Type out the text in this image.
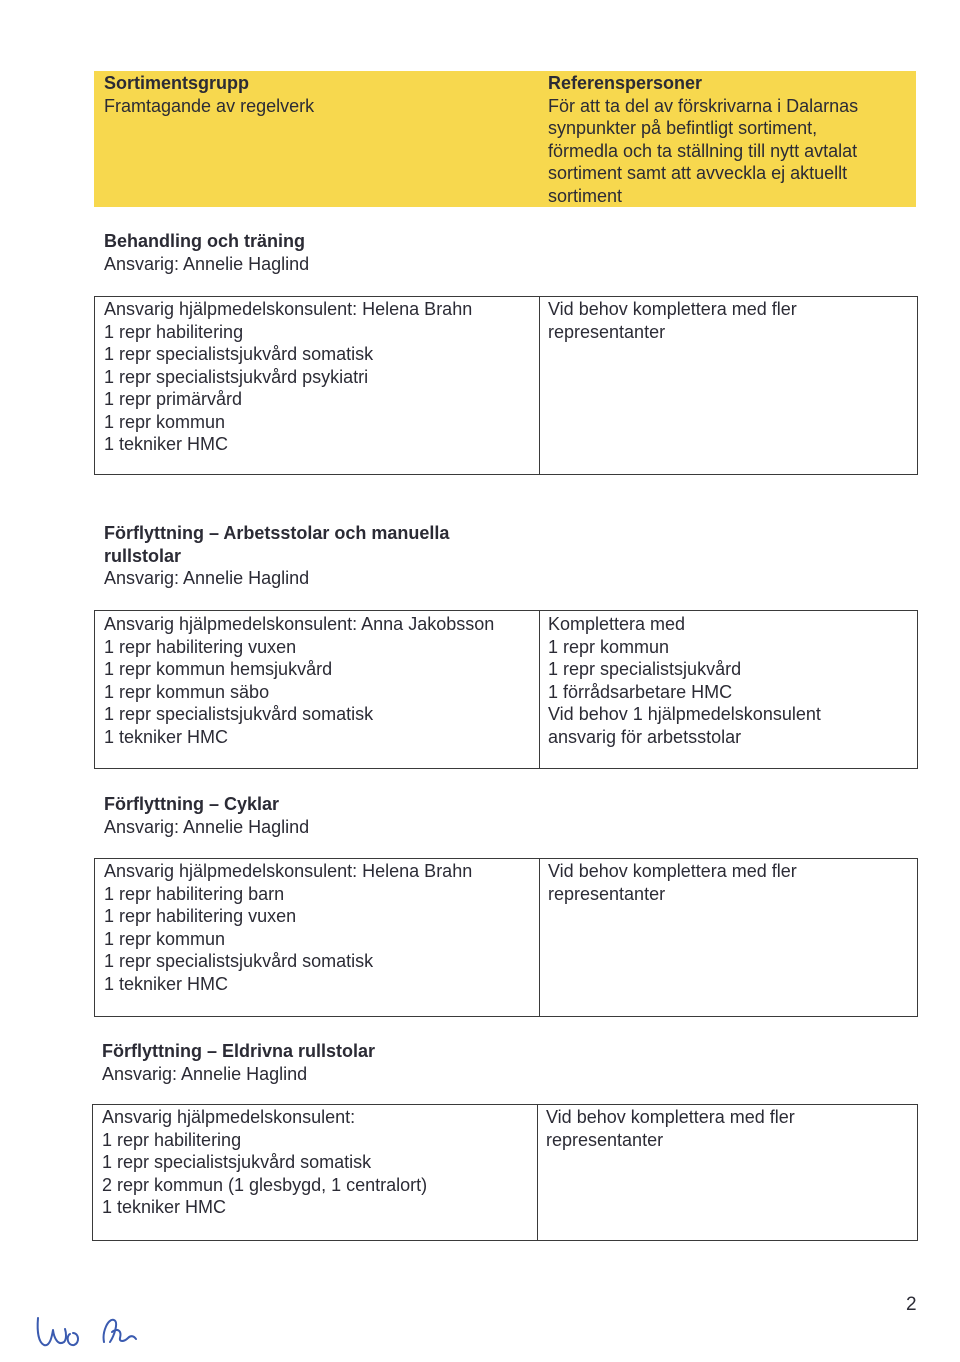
Sortimentsgrupp
Framtagande av regelverk
Referenspersoner
För att ta del av förskrivarna i Dalarnas
synpunkter på befintligt sortiment,
förmedla och ta ställning till nytt avtalat
sortiment samt att avveckla ej aktuellt
sortiment
Behandling och träning
Ansvarig: Annelie Haglind
Ansvarig hjälpmedelskonsulent: Helena Brahn
1 repr habilitering
1 repr specialistsjukvård somatisk
1 repr specialistsjukvård psykiatri
1 repr primärvård
1 repr kommun
1 tekniker HMC
Vid behov komplettera med fler
representanter
Förflyttning – Arbetsstolar och manuella
rullstolar
Ansvarig: Annelie Haglind
Ansvarig hjälpmedelskonsulent: Anna Jakobsson
1 repr habilitering vuxen
1 repr kommun hemsjukvård
1 repr kommun säbo
1 repr specialistsjukvård somatisk
1 tekniker HMC
Komplettera med
1 repr kommun
1 repr specialistsjukvård
1 förrådsarbetare HMC
Vid behov 1 hjälpmedelskonsulent
ansvarig för arbetsstolar
Förflyttning – Cyklar
Ansvarig: Annelie Haglind
Ansvarig hjälpmedelskonsulent: Helena Brahn
1 repr habilitering barn
1 repr habilitering vuxen
1 repr kommun
1 repr specialistsjukvård somatisk
1 tekniker HMC
Vid behov komplettera med fler
representanter
Förflyttning – Eldrivna rullstolar
Ansvarig: Annelie Haglind
Ansvarig hjälpmedelskonsulent:
1 repr habilitering
1 repr specialistsjukvård somatisk
2 repr kommun (1 glesbygd, 1 centralort)
1 tekniker HMC
Vid behov komplettera med fler
representanter
2
